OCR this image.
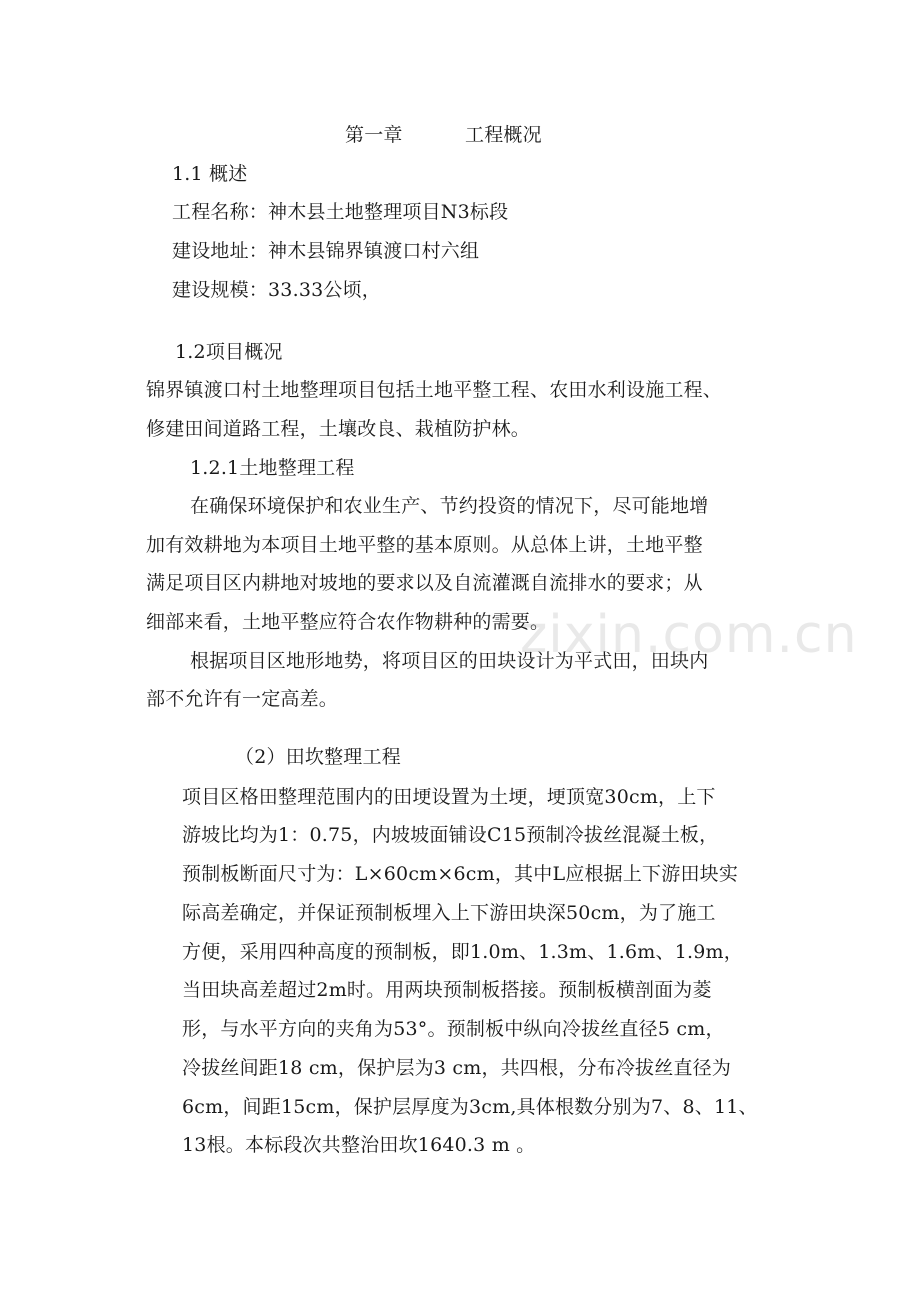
zixin.com.cn
第一章	工程概况
1.1 概述
工程名称：神木县土地整理项目N3标段
建设地址：神木县锦界镇渡口村六组
建设规模：33.33公顷，
1.2项目概况
锦界镇渡口村土地整理项目包括土地平整工程、农田水利设施工程、
修建田间道路工程，土壤改良、栽植防护林。
1.2.1土地整理工程
在确保环境保护和农业生产、节约投资的情况下，尽可能地增
加有效耕地为本项目土地平整的基本原则。从总体上讲，土地平整
满足项目区内耕地对坡地的要求以及自流灌溉自流排水的要求；从
细部来看，土地平整应符合农作物耕种的需要。
根据项目区地形地势，将项目区的田块设计为平式田，田块内
部不允许有一定高差。
（2）田坎整理工程
项目区格田整理范围内的田埂设置为土埂，埂顶宽30cm，上下
游坡比均为1：0.75，内坡坡面铺设C15预制冷拔丝混凝土板，
预制板断面尺寸为：L×60cm×6cm，其中L应根据上下游田块实
际高差确定，并保证预制板埋入上下游田块深50cm，为了施工
方便，采用四种高度的预制板，即1.0m、1.3m、1.6m、1.9m，
当田块高差超过2m时。用两块预制板搭接。预制板横剖面为菱
形，与水平方向的夹角为53°。预制板中纵向冷拔丝直径5 cm，
冷拔丝间距18 cm，保护层为3 cm，共四根，分布冷拔丝直径为
6cm，间距15cm，保护层厚度为3cm,具体根数分别为7、8、11、
13根。本标段次共整治田坎1640.3 m 。
